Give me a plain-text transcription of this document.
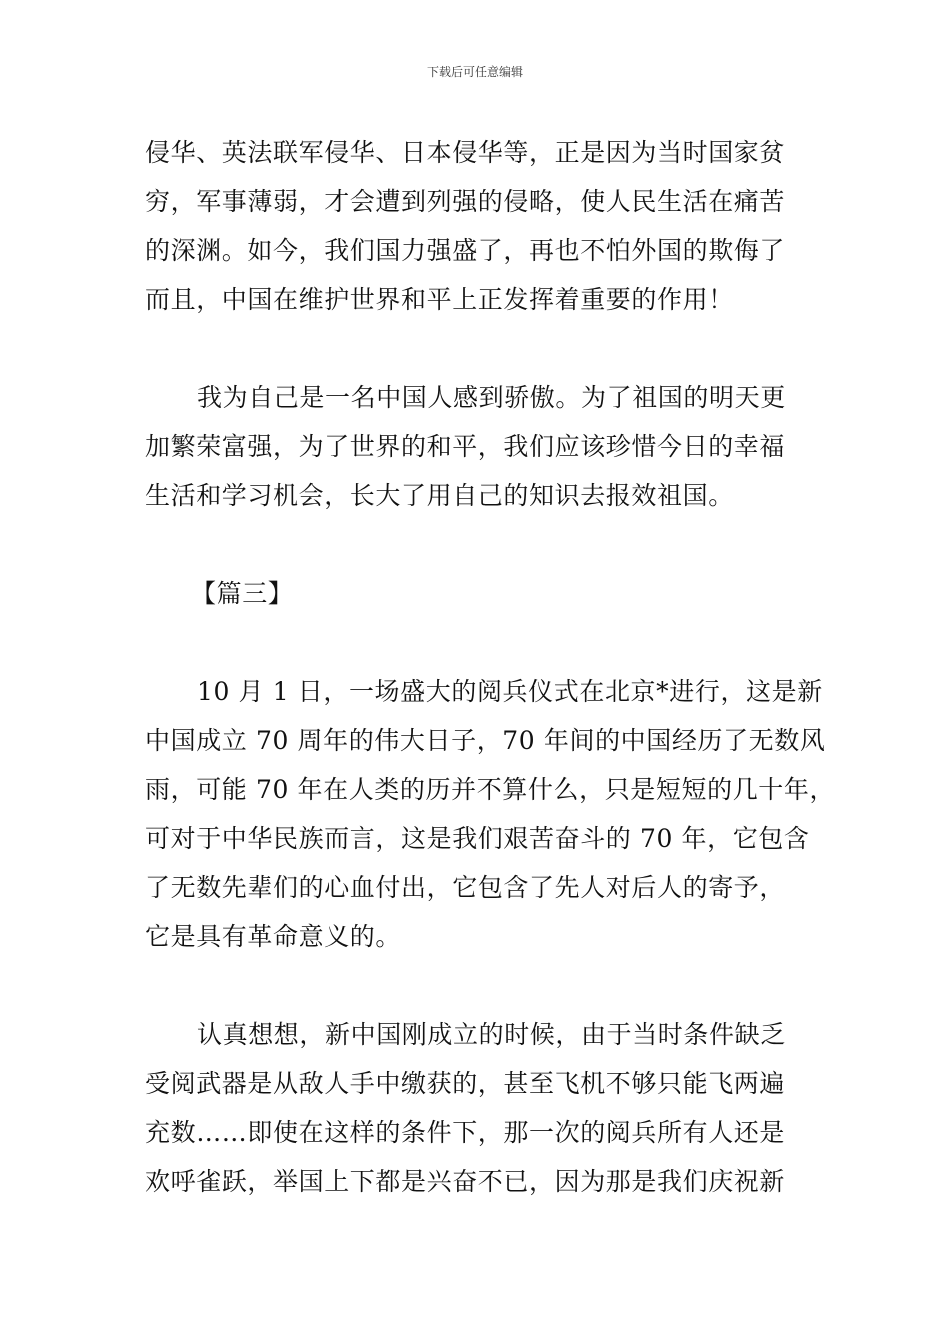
下载后可任意编辑
侵华、英法联军侵华、日本侵华等，正是因为当时国家贫
穷，军事薄弱，才会遭到列强的侵略，使人民生活在痛苦
的深渊。如今，我们国力强盛了，再也不怕外国的欺侮了
而且，中国在维护世界和平上正发挥着重要的作用！
我为自己是一名中国人感到骄傲。为了祖国的明天更
加繁荣富强，为了世界的和平，我们应该珍惜今日的幸福
生活和学习机会，长大了用自己的知识去报效祖国。
【篇三】
10 月 1 日，一场盛大的阅兵仪式在北京*进行，这是新
中国成立 70 周年的伟大日子，70 年间的中国经历了无数风
雨，可能 70 年在人类的历并不算什么，只是短短的几十年，
可对于中华民族而言，这是我们艰苦奋斗的 70 年，它包含
了无数先辈们的心血付出，它包含了先人对后人的寄予，
它是具有革命意义的。
认真想想，新中国刚成立的时候，由于当时条件缺乏
受阅武器是从敌人手中缴获的，甚至飞机不够只能飞两遍
充数……即使在这样的条件下，那一次的阅兵所有人还是
欢呼雀跃，举国上下都是兴奋不已，因为那是我们庆祝新
